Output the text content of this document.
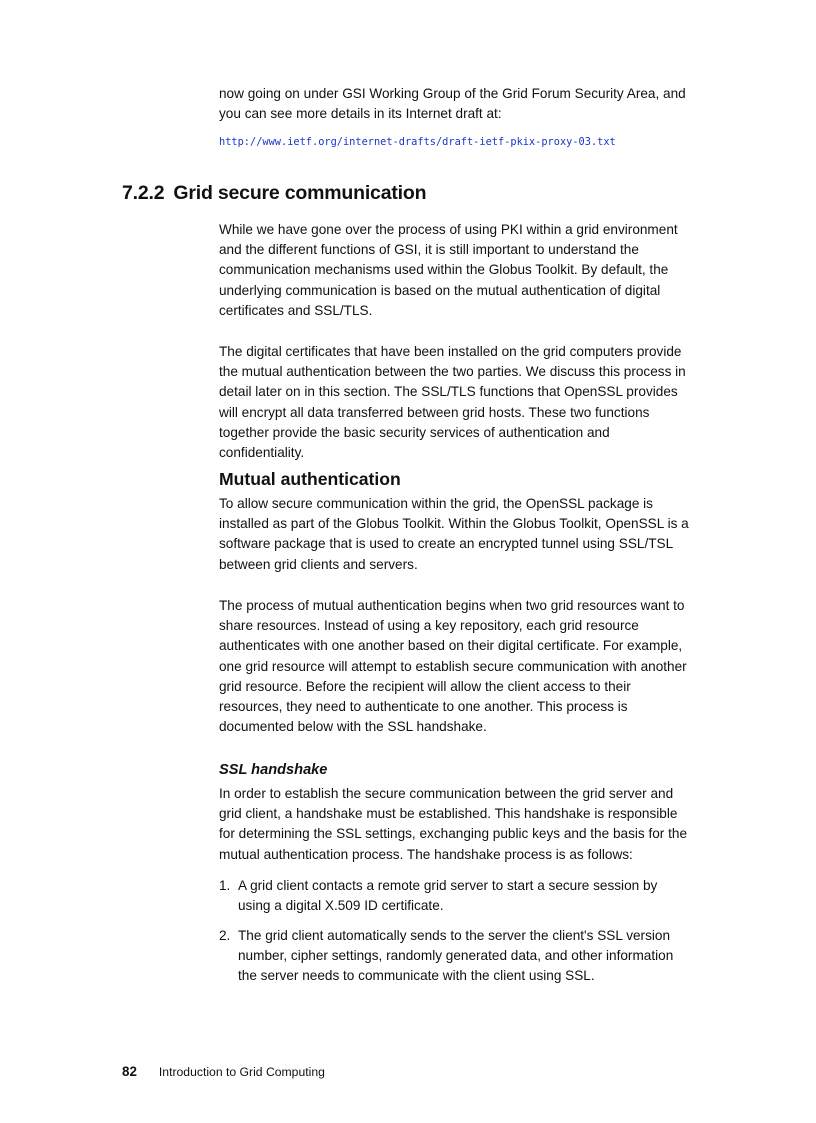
now going on under GSI Working Group of the Grid Forum Security Area, and you can see more details in its Internet draft at:

http://www.ietf.org/internet-drafts/draft-ietf-pkix-proxy-03.txt
7.2.2 Grid secure communication

While we have gone over the process of using PKI within a grid environment and the different functions of GSI, it is still important to understand the communication mechanisms used within the Globus Toolkit. By default, the underlying communication is based on the mutual authentication of digital certificates and SSL/TLS.

The digital certificates that have been installed on the grid computers provide the mutual authentication between the two parties. We discuss this process in detail later on in this section. The SSL/TLS functions that OpenSSL provides will encrypt all data transferred between grid hosts. These two functions together provide the basic security services of authentication and confidentiality.

Mutual authentication

To allow secure communication within the grid, the OpenSSL package is installed as part of the Globus Toolkit. Within the Globus Toolkit, OpenSSL is a software package that is used to create an encrypted tunnel using SSL/TSL between grid clients and servers.

The process of mutual authentication begins when two grid resources want to share resources. Instead of using a key repository, each grid resource authenticates with one another based on their digital certificate. For example, one grid resource will attempt to establish secure communication with another grid resource. Before the recipient will allow the client access to their resources, they need to authenticate to one another. This process is documented below with the SSL handshake.

SSL handshake

In order to establish the secure communication between the grid server and grid client, a handshake must be established. This handshake is responsible for determining the SSL settings, exchanging public keys and the basis for the mutual authentication process. The handshake process is as follows:

1. A grid client contacts a remote grid server to start a secure session by using a digital X.509 ID certificate.

2. The grid client automatically sends to the server the client's SSL version number, cipher settings, randomly generated data, and other information the server needs to communicate with the client using SSL.

82 Introduction to Grid Computing
